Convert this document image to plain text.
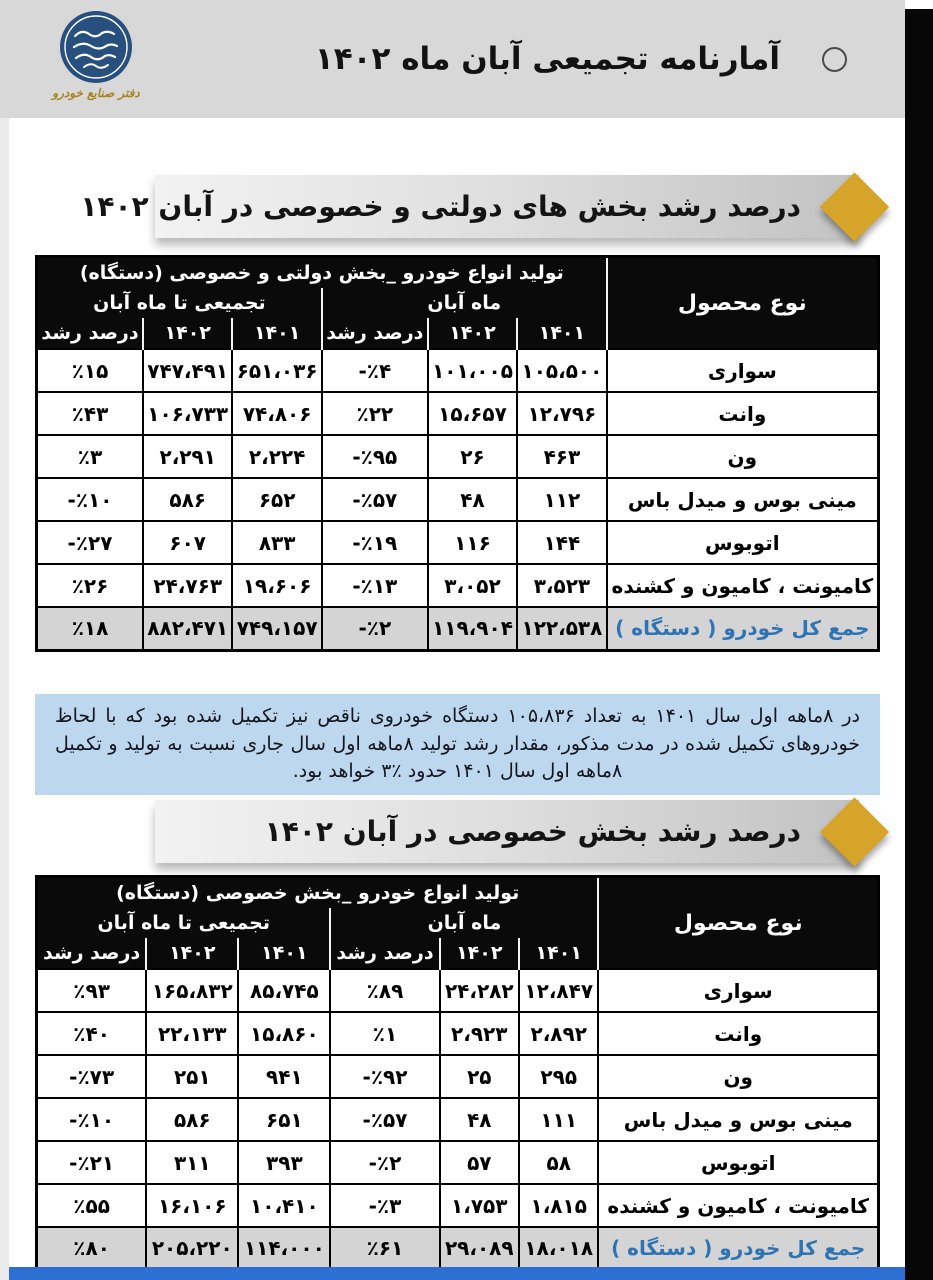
دفتر صنایع خودرو
آمارنامه تجمیعی آبان ماه ۱۴۰۲
درصد رشد بخش های دولتی و خصوصی در آبان ۱۴۰۲
نوع محصول	تولید انواع خودرو _بخش دولتی و خصوصی (دستگاه)					
	ماه آبان			تجمیعی تا ماه آبان		
	۱۴۰۱	۱۴۰۲	درصد رشد	۱۴۰۱	۱۴۰۲	درصد رشد
سواری	۱۰۵،۵۰۰	۱۰۱،۰۰۵	-٪۴	۶۵۱،۰۳۶	۷۴۷،۴۹۱	٪۱۵
وانت	۱۲،۷۹۶	۱۵،۶۵۷	٪۲۲	۷۴،۸۰۶	۱۰۶،۷۳۳	٪۴۳
ون	۴۶۳	۲۶	-٪۹۵	۲،۲۲۴	۲،۲۹۱	٪۳
مینی بوس و میدل باس	۱۱۲	۴۸	-٪۵۷	۶۵۲	۵۸۶	-٪۱۰
اتوبوس	۱۴۴	۱۱۶	-٪۱۹	۸۳۳	۶۰۷	-٪۲۷
کامیونت ، کامیون و کشنده	۳،۵۲۳	۳،۰۵۲	-٪۱۳	۱۹،۶۰۶	۲۴،۷۶۳	٪۲۶
جمع کل خودرو ( دستگاه )	۱۲۲،۵۳۸	۱۱۹،۹۰۴	-٪۲	۷۴۹،۱۵۷	۸۸۲،۴۷۱	٪۱۸
در ۸ماهه اول سال ۱۴۰۱ به تعداد ۱۰۵،۸۳۶ دستگاه خودروی ناقص نیز تکمیل شده بود که با لحاظ خودروهای تکمیل شده در مدت مذکور، مقدار رشد تولید ۸ماهه اول سال جاری نسبت به تولید و تکمیل ۸ماهه اول سال ۱۴۰۱ حدود ٪۳ خواهد بود.
درصد رشد بخش خصوصی در آبان ۱۴۰۲
نوع محصول	تولید انواع خودرو _بخش خصوصی (دستگاه)					
	ماه آبان			تجمیعی تا ماه آبان		
	۱۴۰۱	۱۴۰۲	درصد رشد	۱۴۰۱	۱۴۰۲	درصد رشد
سواری	۱۲،۸۴۷	۲۴،۲۸۲	٪۸۹	۸۵،۷۴۵	۱۶۵،۸۳۲	٪۹۳
وانت	۲،۸۹۲	۲،۹۲۳	٪۱	۱۵،۸۶۰	۲۲،۱۳۳	٪۴۰
ون	۲۹۵	۲۵	-٪۹۲	۹۴۱	۲۵۱	-٪۷۳
مینی بوس و میدل باس	۱۱۱	۴۸	-٪۵۷	۶۵۱	۵۸۶	-٪۱۰
اتوبوس	۵۸	۵۷	-٪۲	۳۹۳	۳۱۱	-٪۲۱
کامیونت ، کامیون و کشنده	۱،۸۱۵	۱،۷۵۳	-٪۳	۱۰،۴۱۰	۱۶،۱۰۶	٪۵۵
جمع کل خودرو ( دستگاه )	۱۸،۰۱۸	۲۹،۰۸۹	٪۶۱	۱۱۴،۰۰۰	۲۰۵،۲۲۰	٪۸۰
